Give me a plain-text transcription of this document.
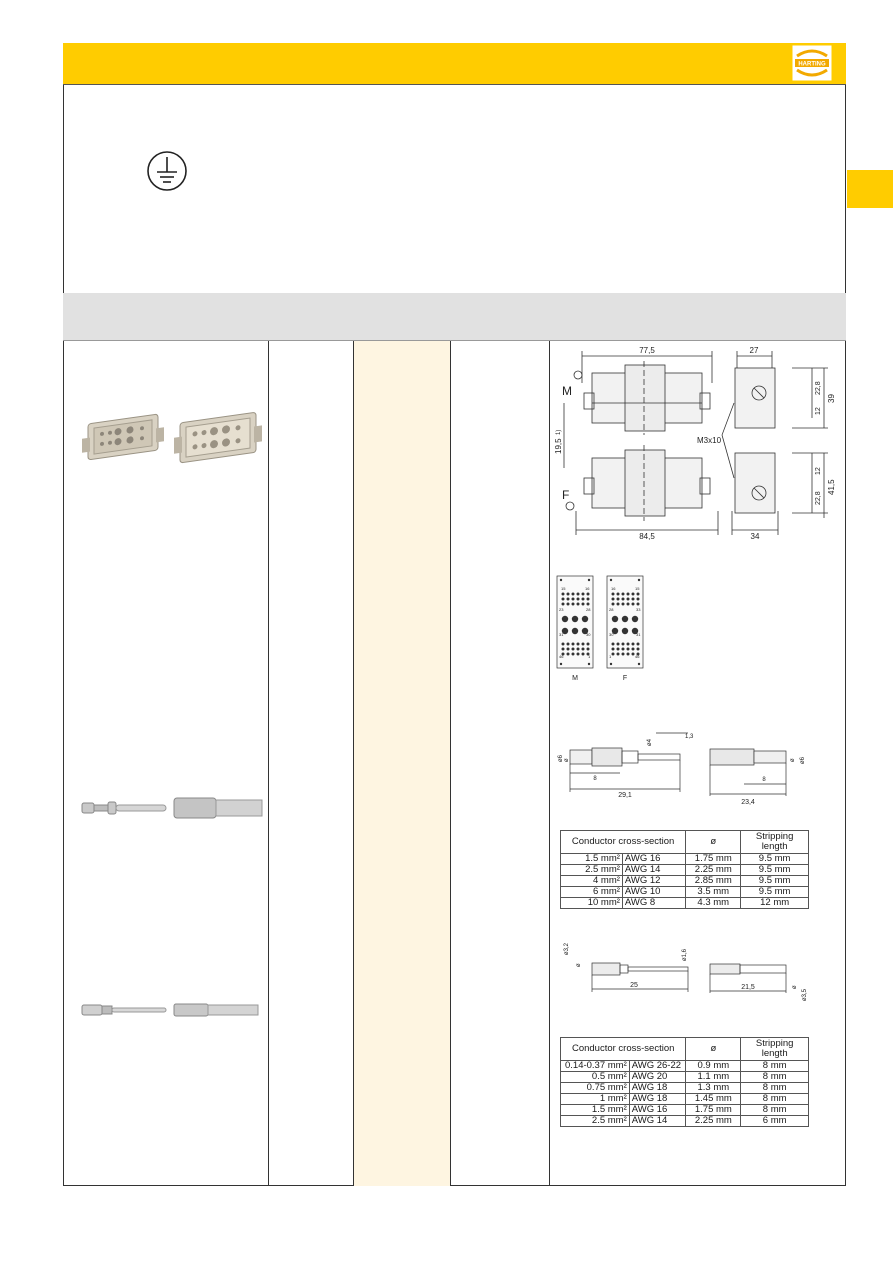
HARTING
77,5
84,5
27
34
M
F
19,5
1)
M3x10
22,8
12
39
12
22,8
41,5
15	16
23	28
31	30
46	1
16	15
28	33
30	31
1	46
M	F
29,1
1,3
8
ø4
ø
ø6
23,4
8
ø ø6
Conductor cross-section		ø	Stripping length
1.5 mm²	AWG 16	1.75 mm	9.5 mm
2.5 mm²	AWG 14	2.25 mm	9.5 mm
4 mm²	AWG 12	2.85 mm	9.5 mm
6 mm²	AWG 10	3.5 mm	9.5 mm
10 mm²	AWG 8	4.3 mm	12 mm
ø3,2
ø
ø1,6
25	21,5	ø
ø3,5
Conductor cross-section		ø	Stripping length
0.14-0.37 mm²	AWG 26-22	0.9 mm	8 mm
0.5 mm²	AWG 20	1.1 mm	8 mm
0.75 mm²	AWG 18	1.3 mm	8 mm
1 mm²	AWG 18	1.45 mm	8 mm
1.5 mm²	AWG 16	1.75 mm	8 mm
2.5 mm²	AWG 14	2.25 mm	6 mm
